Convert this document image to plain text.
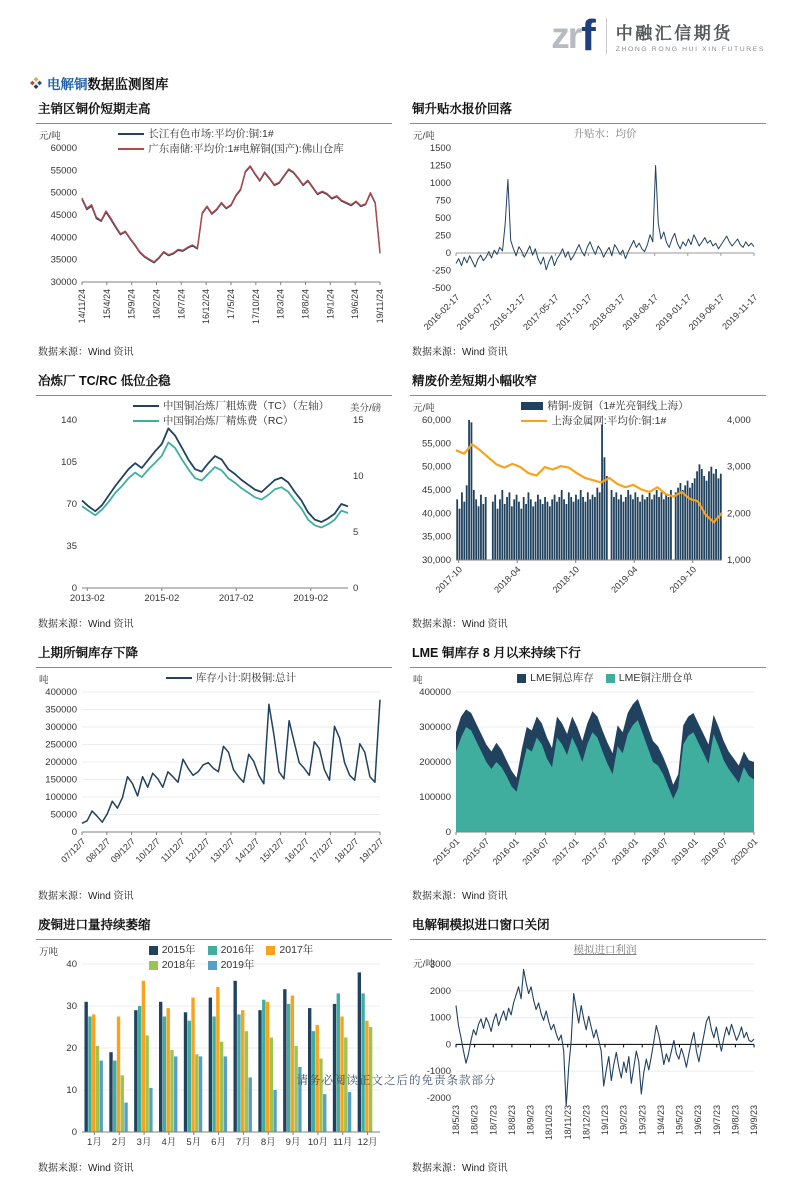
zr f 中融汇信期货
ZHONG RONG HUI XIN FUTURES
电解铜 数据监测图库
主销区铜价短期走高
长江有色市场:平均价:铜:1#
广东南储:平均价:1#电解铜(国产):佛山仓库
30000
35000
40000
45000
50000
55000
60000
元/吨
14/11/24 15/4/24 15/9/24 16/2/24 16/7/24 16/12/24 17/5/24 17/10/24 18/3/24 18/8/24 19/1/24 19/6/24 19/11/24
数据来源：Wind 资讯
铜升贴水报价回落
升贴水：均价
-500
-250
0
250
500
750
1000
1250
1500
元/吨
2016-02-17
2016-07-17
2016-12-17
2017-05-17
2017-10-17
2018-03-17
2018-08-17
2019-01-17
2019-06-17
2019-11-17
数据来源：Wind 资讯
冶炼厂 TC/RC 低位企稳
中国铜冶炼厂粗炼费（TC）（左轴）
中国铜冶炼厂精炼费（RC）
0
35
70
105
140
0
5
10
15
美分/磅
2013-02	2015-02	2017-02	2019-02
数据来源：Wind 资讯
精废价差短期小幅收窄
精铜-废铜（1#光亮铜线上海）
上海金属网:平均价:铜:1#
30,000
35,000
40,000
45,000
50,000
55,000
60,000
1,000
2,000
3,000
4,000
元/吨
2017-10	2018-04	2018-10	2019-04	2019-10
数据来源：Wind 资讯
上期所铜库存下降
库存小计:阴极铜:总计
0
50000
100000
150000
200000
250000
300000
350000
400000
吨
07/12/7
08/12/7
09/12/7
10/12/7
11/12/7
12/12/7
13/12/7
14/12/7
15/12/7
16/12/7
17/12/7
18/12/7
19/12/7
数据来源：Wind 资讯
LME 铜库存 8 月以来持续下行
LME铜总库存 LME铜注册仓单
0
100000
200000
300000
400000
吨
2015-01 2015-07 2016-01 2016-07 2017-01 2017-07 2018-01 2018-07 2019-01 2019-07 2020-01
数据来源：Wind 资讯
废铜进口量持续萎缩
2015年 2016年 2017年
2018年 2019年
0
10
20
30
40
万吨
1月 2月 3月 4月 5月 6月 7月 8月 9月 10月 11月 12月
数据来源：Wind 资讯
电解铜模拟进口窗口关闭
模拟进口利润
-2000
-1000
0
1000
2000
3000
元/吨
18/5/23 18/6/23 18/7/23 18/8/23 18/9/23 18/10/23 18/11/23 18/12/23 19/1/23 19/2/23 19/3/23 19/4/23 19/5/23 19/6/23 19/7/23 19/8/23 19/9/23
数据来源：Wind 资讯
请务必阅读正文之后的免责条款部分
